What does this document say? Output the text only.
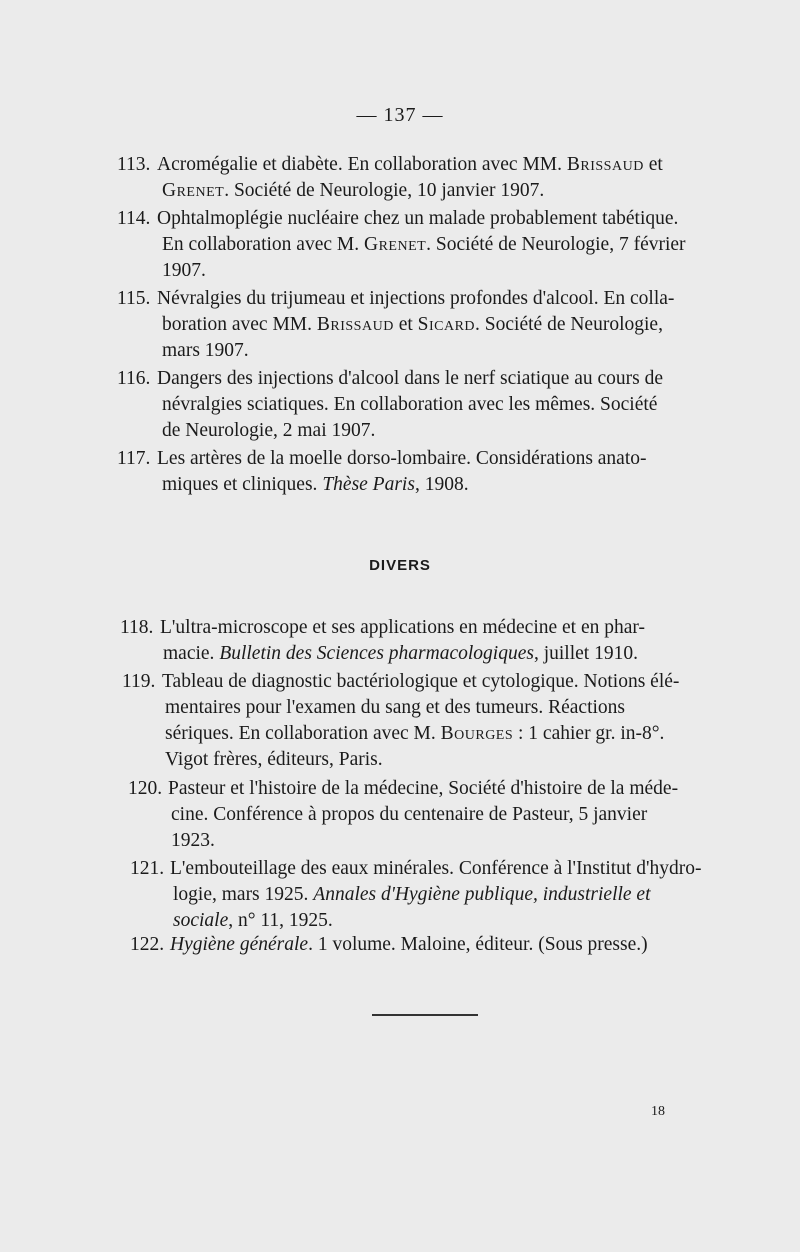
— 137 —
113. Acromégalie et diabète. En collaboration avec MM. Brissaud et
Grenet. Société de Neurologie, 10 janvier 1907.
114. Ophtalmoplégie nucléaire chez un malade probablement tabétique.
En collaboration avec M. Grenet. Société de Neurologie, 7 février
1907.
115. Névralgies du trijumeau et injections profondes d'alcool. En colla-
boration avec MM. Brissaud et Sicard. Société de Neurologie,
mars 1907.
116. Dangers des injections d'alcool dans le nerf sciatique au cours de
névralgies sciatiques. En collaboration avec les mêmes. Société
de Neurologie, 2 mai 1907.
117. Les artères de la moelle dorso-lombaire. Considérations anato-
miques et cliniques. Thèse Paris, 1908.
DIVERS
118. L'ultra-microscope et ses applications en médecine et en phar-
macie. Bulletin des Sciences pharmacologiques, juillet 1910.
119. Tableau de diagnostic bactériologique et cytologique. Notions élé-
mentaires pour l'examen du sang et des tumeurs. Réactions
sériques. En collaboration avec M. Bourges : 1 cahier gr. in-8°.
Vigot frères, éditeurs, Paris.
120. Pasteur et l'histoire de la médecine, Société d'histoire de la méde-
cine. Conférence à propos du centenaire de Pasteur, 5 janvier
1923.
121. L'embouteillage des eaux minérales. Conférence à l'Institut d'hydro-
logie, mars 1925. Annales d'Hygiène publique, industrielle et
sociale, n° 11, 1925.
122. Hygiène générale. 1 volume. Maloine, éditeur. (Sous presse.)
18
